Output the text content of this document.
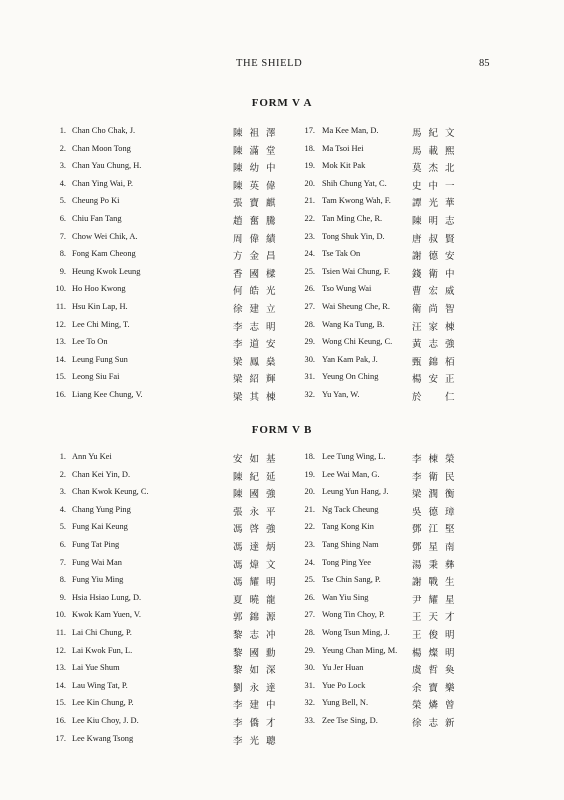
THE SHIELD	85
FORM V A
1. Chan Cho Chak, J.	陳祖澤
2. Chan Moon Tong	陳滿堂
3. Chan Yau Chung, H.	陳幼中
4. Chan Ying Wai, P.	陳英偉
5. Cheung Po Ki	張寶麒
6. Chiu Fan Tang	趙奮騰
7. Chow Wei Chik, A.	周偉績
8. Fong Kam Cheong	方金昌
9. Heung Kwok Leung	香國樑
10. Ho Hoo Kwong	何皓光
11. Hsu Kin Lap, H.	徐建立
12. Lee Chi Ming, T.	李志明
13. Lee To On	李道安
14. Leung Fung Sun	梁鳳燊
15. Leong Siu Fai	梁紹輝
16. Liang Kee Chung, V.	梁其棟
17. Ma Kee Man, D.	馬紀文
18. Ma Tsoi Hei	馬載熙
19. Mok Kit Pak	莫杰北
20. Shih Chung Yat, C.	史中一
21. Tam Kwong Wah, F. 譚光華
22. Tan Ming Che, R.	陳明志
23. Tong Shuk Yin, D.	唐叔賢
24. Tse Tak On	謝德安
25. Tsien Wai Chung, F. 錢衛中
26. Tso Wung Wai	曹宏威
27. Wai Sheung Che, R. 衛尚智
28. Wang Ka Tung, B.	汪家棟
29. Wong Chi Keung, C. 黃志強
30. Yan Kam Pak, J.	甄錦栢
31. Yeung On Ching	楊安正
32. Yu Yan, W.	於　仁
FORM V B
1. Ann Yu Kei	安如基
2. Chan Kei Yin, D.	陳紀延
3. Chan Kwok Keung, C.	陳國強
4. Chang Yung Ping	張永平
5. Fung Kai Keung	馮啓強
6. Fung Tat Ping	馮達炳
7. Fung Wai Man	馮煒文
8. Fung Yiu Ming	馮耀明
9. Hsia Hsiao Lung, D.	夏曉龍
10. Kwok Kam Yuen, V.	郭錦源
11. Lai Chi Chung, P.	黎志冲
12. Lai Kwok Fun, L.	黎國勳
13. Lai Yue Shum	黎如深
14. Lau Wing Tat, P.	劉永達
15. Lee Kin Chung, P.	李建中
16. Lee Kiu Choy, J. D.	李僑才
17. Lee Kwang Tsong	李光聰
18. Lee Tung Wing, L.	李棟榮
19. Lee Wai Man, G.	李衛民
20. Leung Yun Hang, J. 梁潤衡
21. Ng Tack Cheung	吳德璋
22. Tang Kong Kin	鄧江堅
23. Tang Shing Nam	鄧星南
24. Tong Ping Yee	湯秉彝
25. Tse Chin Sang, P.	謝戰生
26. Wan Yiu Sing	尹耀星
27. Wong Tin Choy, P.	王天才
28. Wong Tsun Ming, J. 王俊明
29. Yeung Chan Ming, M. 楊燦明
30. Yu Jer Huan	虞哲奐
31. Yue Po Lock	余寶樂
32. Yung Bell, N.	榮燐曾
33. Zee Tse Sing, D.	徐志新
